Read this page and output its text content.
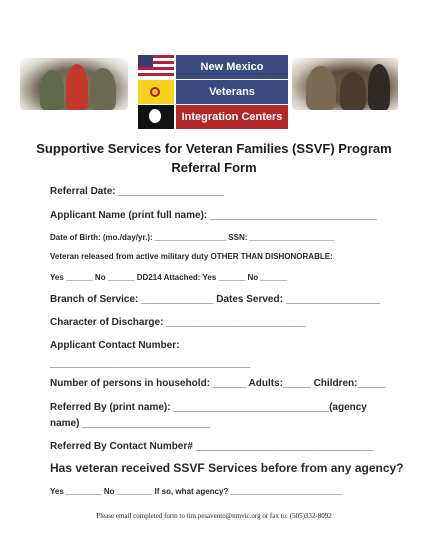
New Mexico
Veterans
Integration Centers
Supportive Services for Veteran Families (SSVF) Program
Referral Form
Referral Date: ___________________
Applicant Name (print full name): ______________________________
Date of Birth: (mo./day/yr.): ________________ SSN: ___________________
Veteran released from active military duty OTHER THAN DISHONORABLE:
Yes ______ No ______ DD214 Attached: Yes ______ No ______
Branch of Service: _____________ Dates Served: _________________
Character of Discharge: _________________________
Applicant Contact Number:
____________________________________
Number of persons in household: ______ Adults:_____ Children:_____
Referred By (print name): ____________________________(agency
name) _______________________
Referred By Contact Number# ________________________________
Has veteran received SSVF Services before from any agency?
Yes ________ No ________ If so, what agency? _________________________
Please email completed form to tim.pesavento@nmvic.org or fax to: (505)332-8092
